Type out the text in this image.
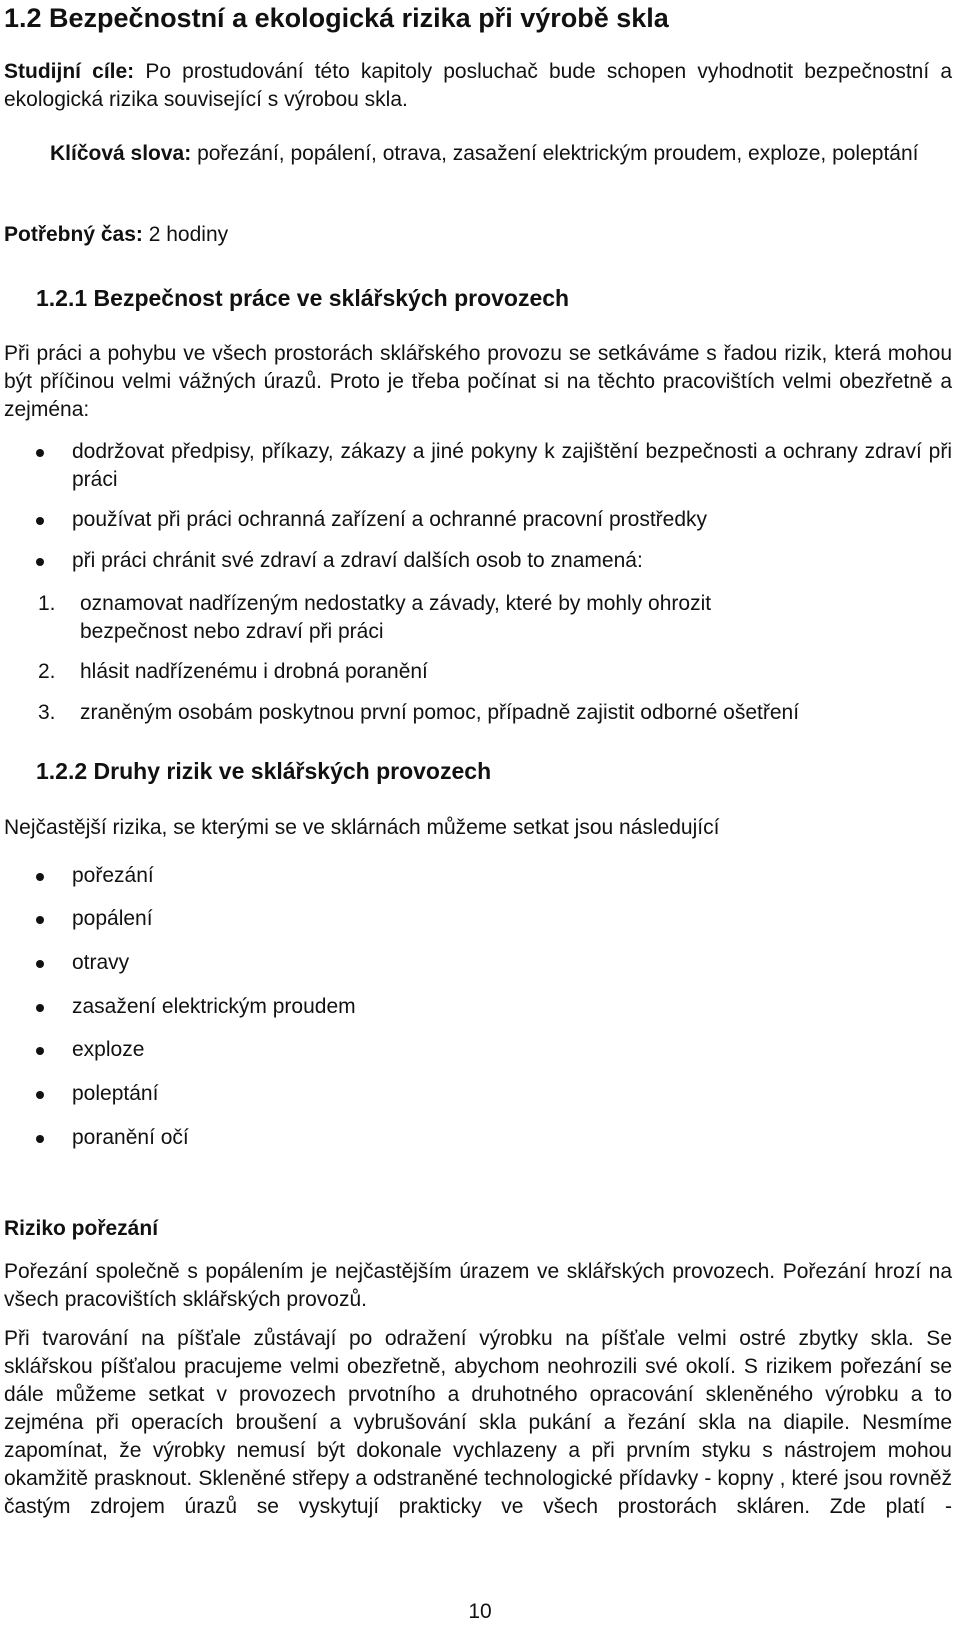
1.2 Bezpečnostní a ekologická rizika při výrobě skla
Studijní cíle: Po prostudování této kapitoly posluchač bude schopen vyhodnotit bezpečnostní a ekologická rizika související s výrobou skla.
Klíčová slova: pořezání, popálení, otrava, zasažení elektrickým proudem, exploze, poleptání
Potřebný čas: 2 hodiny
1.2.1 Bezpečnost práce ve sklářských provozech
Při práci a pohybu ve všech prostorách sklářského provozu se setkáváme s řadou rizik, která mohou být příčinou velmi vážných úrazů. Proto je třeba počínat si na těchto pracovištích velmi obezřetně a zejména:
dodržovat předpisy, příkazy, zákazy a jiné pokyny k zajištění bezpečnosti a ochrany zdraví při práci
používat při práci ochranná zařízení a ochranné pracovní prostředky
při práci chránit své zdraví a zdraví dalších osob to znamená:
1. oznamovat nadřízeným nedostatky a závady, které by mohly ohrozit bezpečnost nebo zdraví při práci
2. hlásit nadřízenému i drobná poranění
3. zraněným osobám poskytnou první pomoc, případně zajistit odborné ošetření
1.2.2 Druhy rizik ve sklářských provozech
Nejčastější rizika, se kterými se ve sklárnách můžeme setkat jsou následující
pořezání
popálení
otravy
zasažení elektrickým proudem
exploze
poleptání
poranění očí
Riziko pořezání
Pořezání společně s popálením je nejčastějším úrazem ve sklářských provozech. Pořezání hrozí na všech pracovištích sklářských provozů.
Při tvarování na píšťale zůstávají po odražení výrobku na píšťale velmi ostré zbytky skla. Se sklářskou píšťalou pracujeme velmi obezřetně, abychom neohrozili své okolí. S rizikem pořezání se dále můžeme setkat v provozech prvotního a druhotného opracování skleněného výrobku a to zejména při operacích broušení a vybrušování skla pukání a řezání skla na diapile. Nesmíme zapomínat, že výrobky nemusí být dokonale vychlazeny a při prvním styku s nástrojem mohou okamžitě prasknout. Skleněné střepy a odstraněné technologické přídavky - kopny , které jsou rovněž častým zdrojem úrazů se vyskytují prakticky ve všech prostorách skláren. Zde platí -
10
